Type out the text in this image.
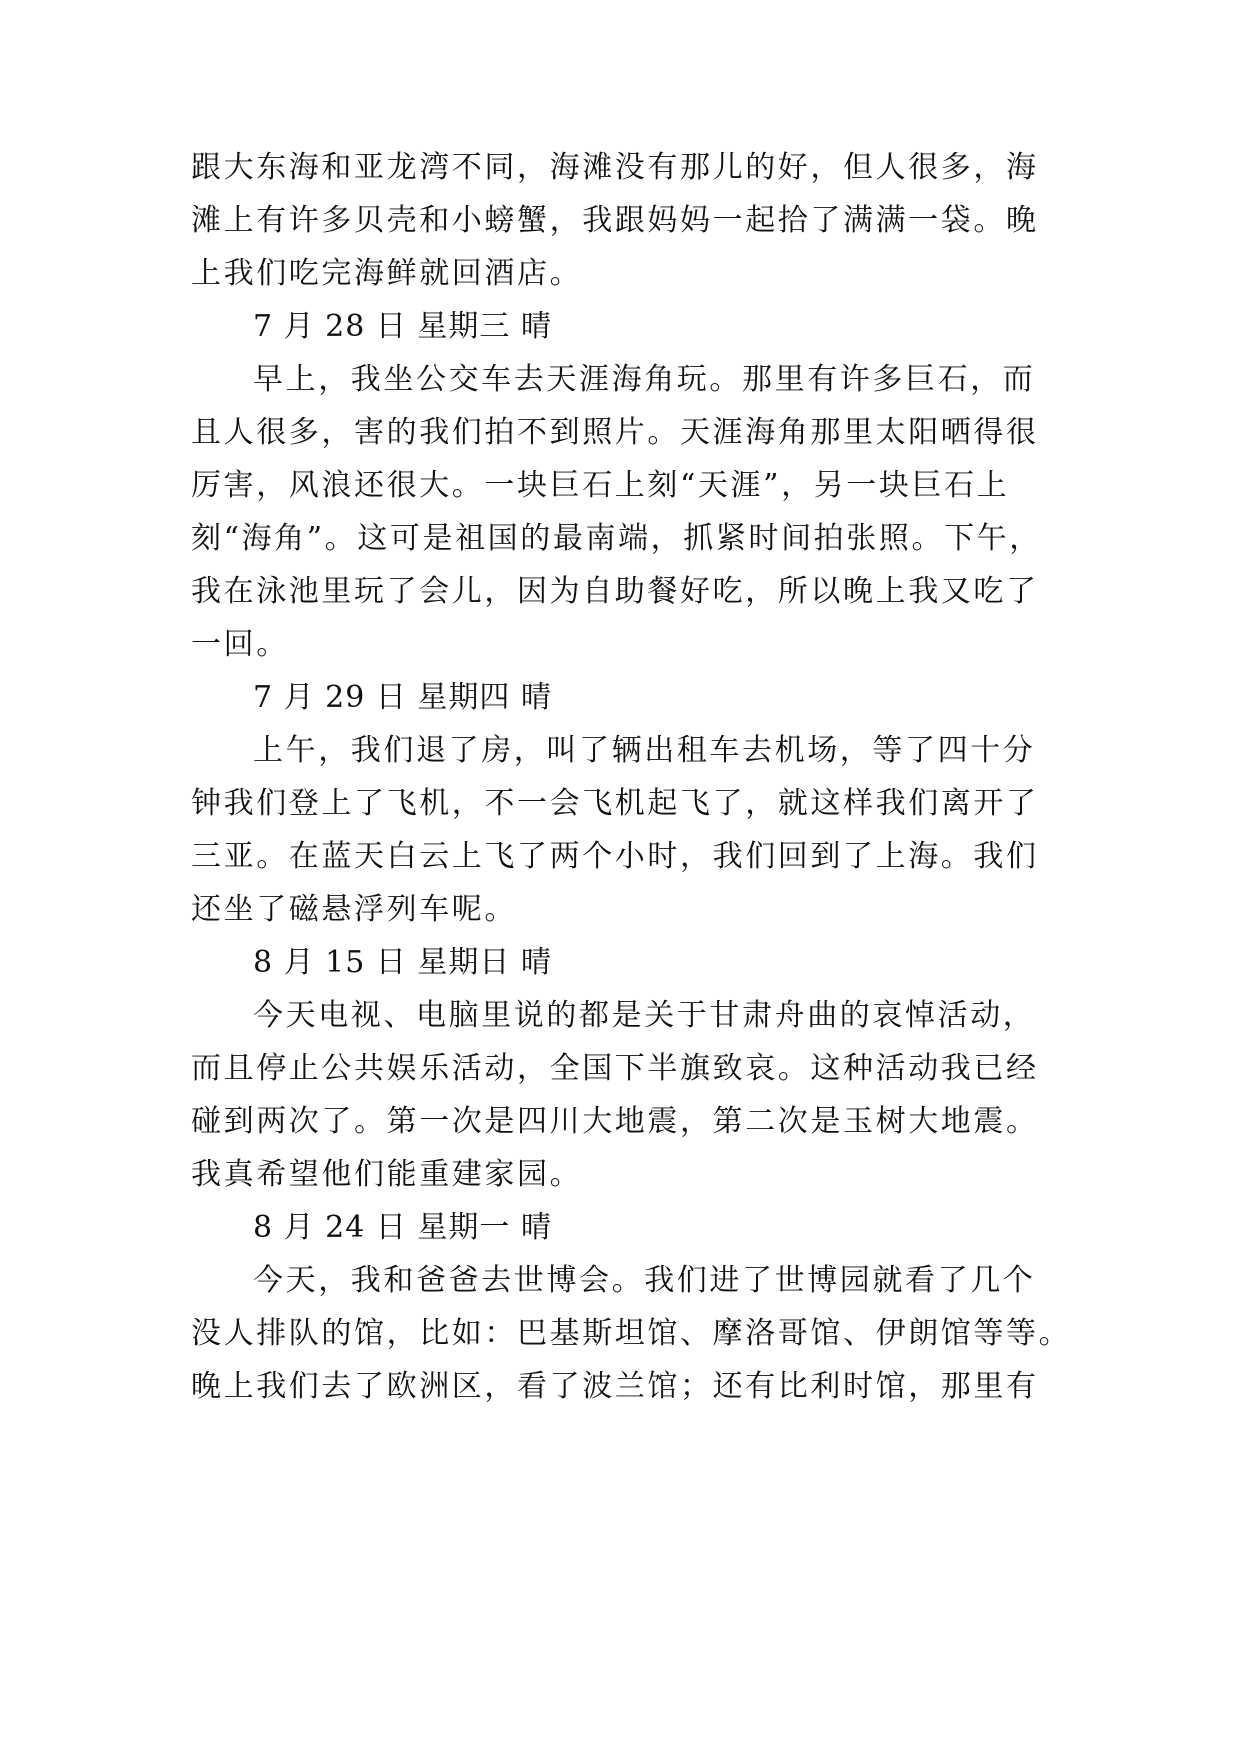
跟大东海和亚龙湾不同，海滩没有那儿的好，但人很多，海
滩上有许多贝壳和小螃蟹，我跟妈妈一起拾了满满一袋。晚
上我们吃完海鲜就回酒店。
7 月 28 日 星期三 晴
早上，我坐公交车去天涯海角玩。那里有许多巨石，而
且人很多，害的我们拍不到照片。天涯海角那里太阳晒得很
厉害，风浪还很大。一块巨石上刻“天涯”，另一块巨石上
刻“海角”。这可是祖国的最南端，抓紧时间拍张照。下午，
我在泳池里玩了会儿，因为自助餐好吃，所以晚上我又吃了
一回。
7 月 29 日 星期四 晴
上午，我们退了房，叫了辆出租车去机场，等了四十分
钟我们登上了飞机，不一会飞机起飞了，就这样我们离开了
三亚。在蓝天白云上飞了两个小时，我们回到了上海。我们
还坐了磁悬浮列车呢。
8 月 15 日 星期日 晴
今天电视、电脑里说的都是关于甘肃舟曲的哀悼活动，
而且停止公共娱乐活动，全国下半旗致哀。这种活动我已经
碰到两次了。第一次是四川大地震，第二次是玉树大地震。
我真希望他们能重建家园。
8 月 24 日 星期一 晴
今天，我和爸爸去世博会。我们进了世博园就看了几个
没人排队的馆，比如：巴基斯坦馆、摩洛哥馆、伊朗馆等等。
晚上我们去了欧洲区，看了波兰馆；还有比利时馆，那里有
